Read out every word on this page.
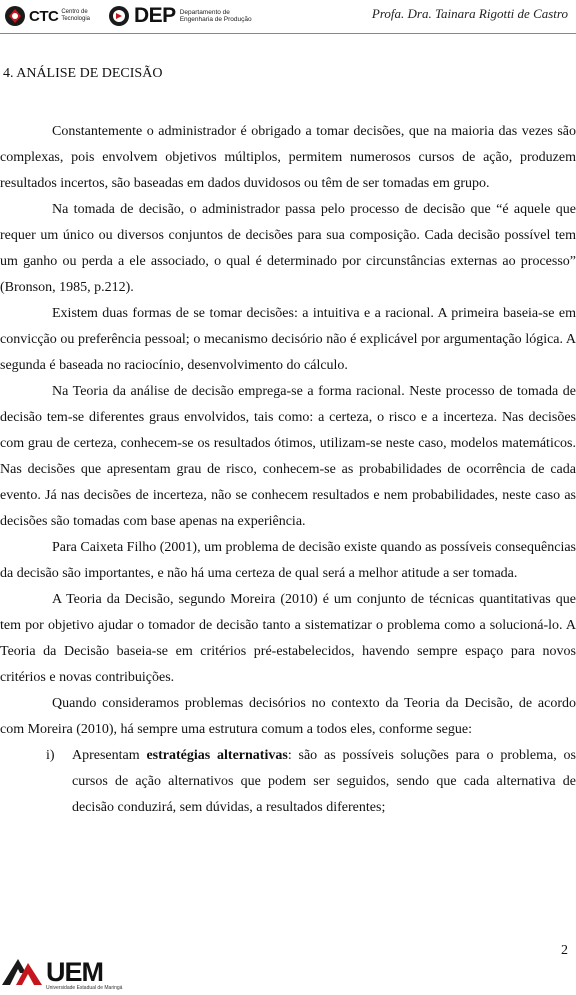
CTC Centro de
Tecnologia DEP Departamento de
Engenharia de Produção	Profa. Dra. Tainara Rigotti de Castro
4. ANÁLISE DE DECISÃO

Constantemente o administrador é obrigado a tomar decisões, que na maioria das vezes são complexas, pois envolvem objetivos múltiplos, permitem numerosos cursos de ação, produzem resultados incertos, são baseadas em dados duvidosos ou têm de ser tomadas em grupo.

Na tomada de decisão, o administrador passa pelo processo de decisão que “é aquele que requer um único ou diversos conjuntos de decisões para sua composição. Cada decisão possível tem um ganho ou perda a ele associado, o qual é determinado por circunstâncias externas ao processo” (Bronson, 1985, p.212).

Existem duas formas de se tomar decisões: a intuitiva e a racional. A primeira baseia-se em convicção ou preferência pessoal; o mecanismo decisório não é explicável por argumentação lógica. A segunda é baseada no raciocínio, desenvolvimento do cálculo.

Na Teoria da análise de decisão emprega-se a forma racional. Neste processo de tomada de decisão tem-se diferentes graus envolvidos, tais como: a certeza, o risco e a incerteza. Nas decisões com grau de certeza, conhecem-se os resultados ótimos, utilizam-se neste caso, modelos matemáticos. Nas decisões que apresentam grau de risco, conhecem-se as probabilidades de ocorrência de cada evento. Já nas decisões de incerteza, não se conhecem resultados e nem probabilidades, neste caso as decisões são tomadas com base apenas na experiência.

Para Caixeta Filho (2001), um problema de decisão existe quando as possíveis consequências da decisão são importantes, e não há uma certeza de qual será a melhor atitude a ser tomada.

A Teoria da Decisão, segundo Moreira (2010) é um conjunto de técnicas quantitativas que tem por objetivo ajudar o tomador de decisão tanto a sistematizar o problema como a solucioná-lo. A Teoria da Decisão baseia-se em critérios pré-estabelecidos, havendo sempre espaço para novos critérios e novas contribuições.

Quando consideramos problemas decisórios no contexto da Teoria da Decisão, de acordo com Moreira (2010), há sempre uma estrutura comum a todos eles, conforme segue:

i) Apresentam estratégias alternativas: são as possíveis soluções para o problema, os cursos de ação alternativos que podem ser seguidos, sendo que cada alternativa de decisão conduzirá, sem dúvidas, a resultados diferentes;
2
UEM
Universidade Estadual de Maringá
